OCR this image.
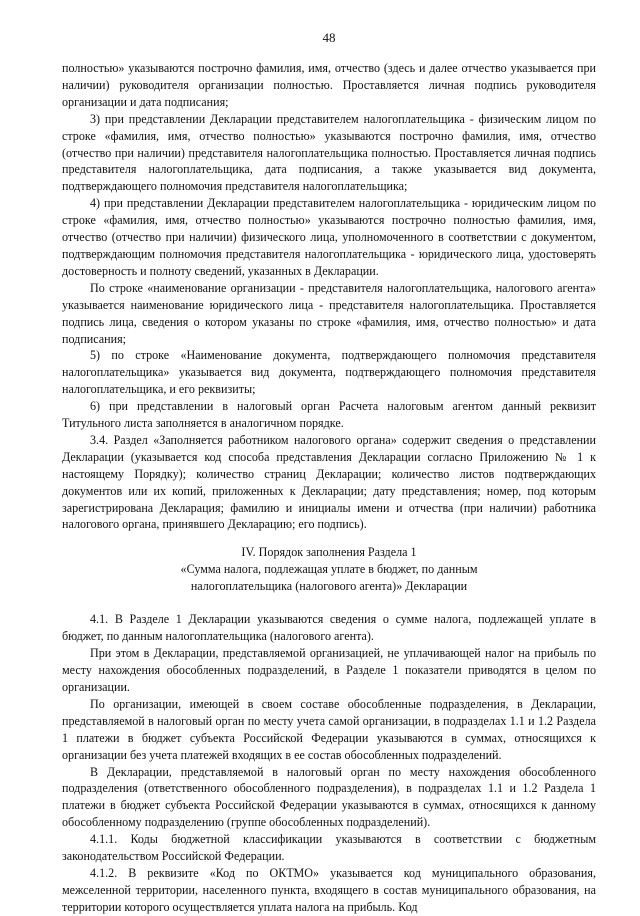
48

полностью» указываются построчно фамилия, имя, отчество (здесь и далее отчество указывается при наличии) руководителя организации полностью. Проставляется личная подпись руководителя организации и дата подписания;

3) при представлении Декларации представителем налогоплательщика - физическим лицом по строке «фамилия, имя, отчество полностью» указываются построчно фамилия, имя, отчество (отчество при наличии) представителя налогоплательщика полностью. Проставляется личная подпись представителя налогоплательщика, дата подписания, а также указывается вид документа, подтверждающего полномочия представителя налогоплательщика;

4) при представлении Декларации представителем налогоплательщика - юридическим лицом по строке «фамилия, имя, отчество полностью» указываются построчно полностью фамилия, имя, отчество (отчество при наличии) физического лица, уполномоченного в соответствии с документом, подтверждающим полномочия представителя налогоплательщика - юридического лица, удостоверять достоверность и полноту сведений, указанных в Декларации.

По строке «наименование организации - представителя налогоплательщика, налогового агента» указывается наименование юридического лица - представителя налогоплательщика. Проставляется подпись лица, сведения о котором указаны по строке «фамилия, имя, отчество полностью» и дата подписания;

5) по строке «Наименование документа, подтверждающего полномочия представителя налогоплательщика» указывается вид документа, подтверждающего полномочия представителя налогоплательщика, и его реквизиты;

6) при представлении в налоговый орган Расчета налоговым агентом данный реквизит Титульного листа заполняется в аналогичном порядке.

3.4. Раздел «Заполняется работником налогового органа» содержит сведения о представлении Декларации (указывается код способа представления Декларации согласно Приложению № 1 к настоящему Порядку); количество страниц Декларации; количество листов подтверждающих документов или их копий, приложенных к Декларации; дату представления; номер, под которым зарегистрирована Декларация; фамилию и инициалы имени и отчества (при наличии) работника налогового органа, принявшего Декларацию; его подпись).

IV. Порядок заполнения Раздела 1
«Сумма налога, подлежащая уплате в бюджет, по данным
налогоплательщика (налогового агента)» Декларации

4.1. В Разделе 1 Декларации указываются сведения о сумме налога, подлежащей уплате в бюджет, по данным налогоплательщика (налогового агента).

При этом в Декларации, представляемой организацией, не уплачивающей налог на прибыль по месту нахождения обособленных подразделений, в Разделе 1 показатели приводятся в целом по организации.

По организации, имеющей в своем составе обособленные подразделения, в Декларации, представляемой в налоговый орган по месту учета самой организации, в подразделах 1.1 и 1.2 Раздела 1 платежи в бюджет субъекта Российской Федерации указываются в суммах, относящихся к организации без учета платежей входящих в ее состав обособленных подразделений.

В Декларации, представляемой в налоговый орган по месту нахождения обособленного подразделения (ответственного обособленного подразделения), в подразделах 1.1 и 1.2 Раздела 1 платежи в бюджет субъекта Российской Федерации указываются в суммах, относящихся к данному обособленному подразделению (группе обособленных подразделений).

4.1.1. Коды бюджетной классификации указываются в соответствии с бюджетным законодательством Российской Федерации.

4.1.2. В реквизите «Код по ОКТМО» указывается код муниципального образования, межселенной территории, населенного пункта, входящего в состав муниципального образования, на территории которого осуществляется уплата налога на прибыль. Код
